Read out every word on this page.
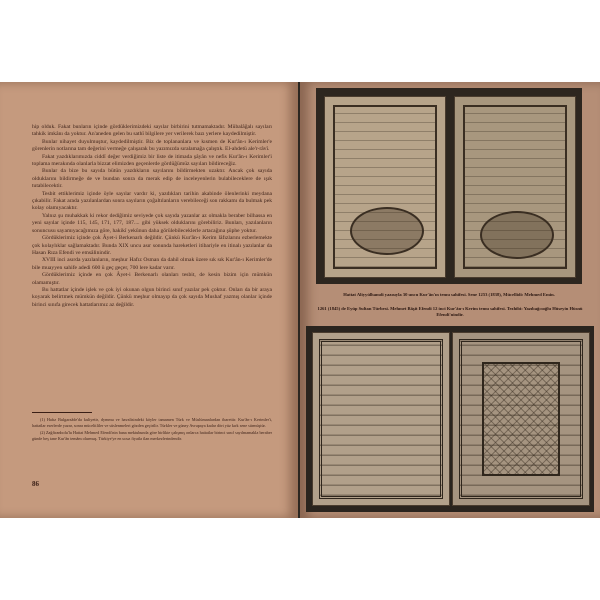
hip olduk. Fakat bunların içinde gördüklerimizdeki sayılar birbirini tutmamaktadır. Mübalâğalı sayıları tahkik imkânı da yoktur. An'aneden gelen bu sathî bilgilere yer verilerek bazı yerlere kaydedilmiştir.

Bunlar nihayet duyulmuştur, kaydedilmiştir. Biz de toplananlara ve kısmen de Kur'ân-ı Kerimler'e görenlerin notlarına tam değerini vermeğe çalışarak bu yazımızda sıralamağa çalıştık. El-ahdetü ale'r-râvî.

Fakat yazdıklarımızda ciddî değer verdiğimiz bir liste de itimada şâyân ve nefis Kur'ân-ı Kerimler'i toplama merakında olanlarla bizzat elimizden geçenlerde gördüğümüz sayıları bildireceğiz.

Bunlar da bize bu sayıda bütün yazdıkların sayılarını bildirmekten uzaktır. Ancak çok sayıda olduklarını bildirmeğe de ve bundan sonra da merak edip de inceleyenlerin bulabileceklere de ışık tutabilecektir.

Tesbit ettiklerimiz içinde öyle sayılar vardır ki, yazdıkları tarihin akabinde ölenlerinki meydana çıkabilir. Fakat arada yazılanlardan sonra sayıların çoğaltılanların verebileceği son rakkamı da bulmak pek kolay olamıyacaktır.

Yalnız şu muhakkak ki rekor dediğimiz seviyede çok sayıda yazanlar az olmakla beraber bilhassa en yeni sayılar içinde 115, 145, 171, 177, 187.... gibi yüksek olduklarını görebiliriz. Bunları, yazılanların sonuncusu sayamıyacağımıza göre, hakikî yekûnun daha görülebileceklerle artacağına şüphe yoktur.

Gördüklerimiz içinde çok Âyet-i Berkenarlı değildir. Çünkü Kur'ân-ı Kerim lâfızlarını ezberlemekte çok kolaylıklar sağlamaktadır. Bunda XIX uncu asır sonunda hareketleri itibariyle en itinalı yazılanlar da Hasan Rıza Efendi ve emsâlinindir.

XVIII inci asırda yazılanların, meşhur Hafız Osman da dahil olmak üzere sık sık Kur'ân-ı Kerimler'de bile muayyen sahife adedi 600 ü geç geçer, 700 lere kadar varır.

Gördüklerimiz içinde en çok Âyet-i Berkenarlı olanları tesbit, de kesin bizim için mümkün olamamıştır.

Bu hattatlar içinde işlek ve çok iyi okunan olgun birinci sınıf yazılar pek çoktur. Onları da bir araya koyarak belirtmek mümkün değildir. Çünkü meşhur olmayıp da çok sayıda Mushaf yazmış olanlar içinde birinci sınıfa girecek hattatlarımız az değildir.

(1) Hafız Bulgarzâde'da kuliyetir, dymmu ve havalisindeki köyler tamamen Türk ve Müslümanlardan ibarettir. Kur'ân-ı Kerimler'i, hattatlar eserlerde yazar, sonra mücelitliler ve süslenmeleri gözden geçirilir. Türkler ve güney Avrupaya kadar dört yüz kırk sene sürmüştür.

(2) Zağfiranbolu'lu Hattat Mehmed Efendi'nin bana mektubunda göre birlikte çalışmış onlarca hattatlar birinci sınıf sayılmamakla beraber günde beş tane Kur'ân temâm olurmuş. Türkiye'ye en ucuz fiyatla ilan merkezlerindendir.

86
Hattat Aliyyülhamdi yazısıyla 30 uncu Kur'ân'ın temu sahifesi. Sene 1253 (1838), Mücellidi: Mehmed Emin.
1261 (1845) de Eyüp Sultan Türbesi. Mehmet Bâşit Efendi 12 inci Kur'ân-ı Kerim temu sahifesi. Tezhibi: Yazıbağcıoğlu Hüseyin Hüsnü Efendi'nindir.
